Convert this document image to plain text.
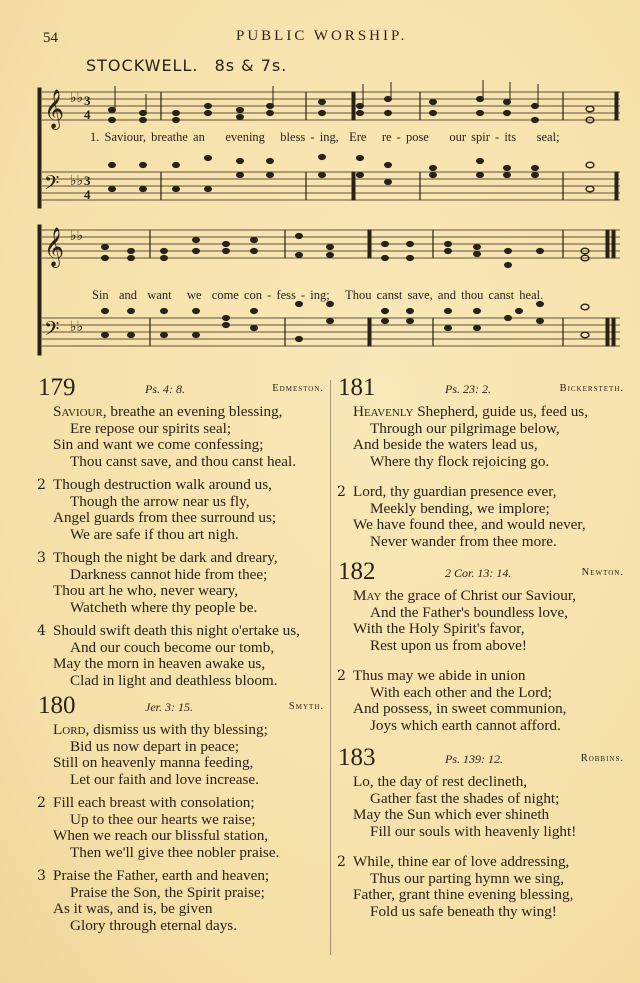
54	PUBLIC WORSHIP.
STOCKWELL. 8s & 7s.
𝄞
𝄢
♭♭
♭♭
3
4
3
4
𝄞
𝄢
♭♭
♭♭
1. Saviour, breathe an evening bless - ing, Ere re - pose our spir - its seal;
Sin and want we come con - fess - ing; Thou canst save, and thou canst heal.
179	Ps. 4: 8.	Edmeston.
Saviour, breathe an evening blessing,
Ere repose our spirits seal;
Sin and want we come confessing;
Thou canst save, and thou canst heal.
2 Though destruction walk around us,
Though the arrow near us fly,
Angel guards from thee surround us;
We are safe if thou art nigh.
3 Though the night be dark and dreary,
Darkness cannot hide from thee;
Thou art he who, never weary,
Watcheth where thy people be.
4 Should swift death this night o'ertake us,
And our couch become our tomb,
May the morn in heaven awake us,
Clad in light and deathless bloom.
180	Jer. 3: 15.	Smyth.
Lord, dismiss us with thy blessing;
Bid us now depart in peace;
Still on heavenly manna feeding,
Let our faith and love increase.
2 Fill each breast with consolation;
Up to thee our hearts we raise;
When we reach our blissful station,
Then we'll give thee nobler praise.
3 Praise the Father, earth and heaven;
Praise the Son, the Spirit praise;
As it was, and is, be given
Glory through eternal days.
181	Ps. 23: 2.	Bickersteth.
Heavenly Shepherd, guide us, feed us,
Through our pilgrimage below,
And beside the waters lead us,
Where thy flock rejoicing go.
2 Lord, thy guardian presence ever,
Meekly bending, we implore;
We have found thee, and would never,
Never wander from thee more.
182	2 Cor. 13: 14.	Newton.
May the grace of Christ our Saviour,
And the Father's boundless love,
With the Holy Spirit's favor,
Rest upon us from above!
2 Thus may we abide in union
With each other and the Lord;
And possess, in sweet communion,
Joys which earth cannot afford.
183	Ps. 139: 12.	Robbins.
Lo, the day of rest declineth,
Gather fast the shades of night;
May the Sun which ever shineth
Fill our souls with heavenly light!
2 While, thine ear of love addressing,
Thus our parting hymn we sing,
Father, grant thine evening blessing,
Fold us safe beneath thy wing!
